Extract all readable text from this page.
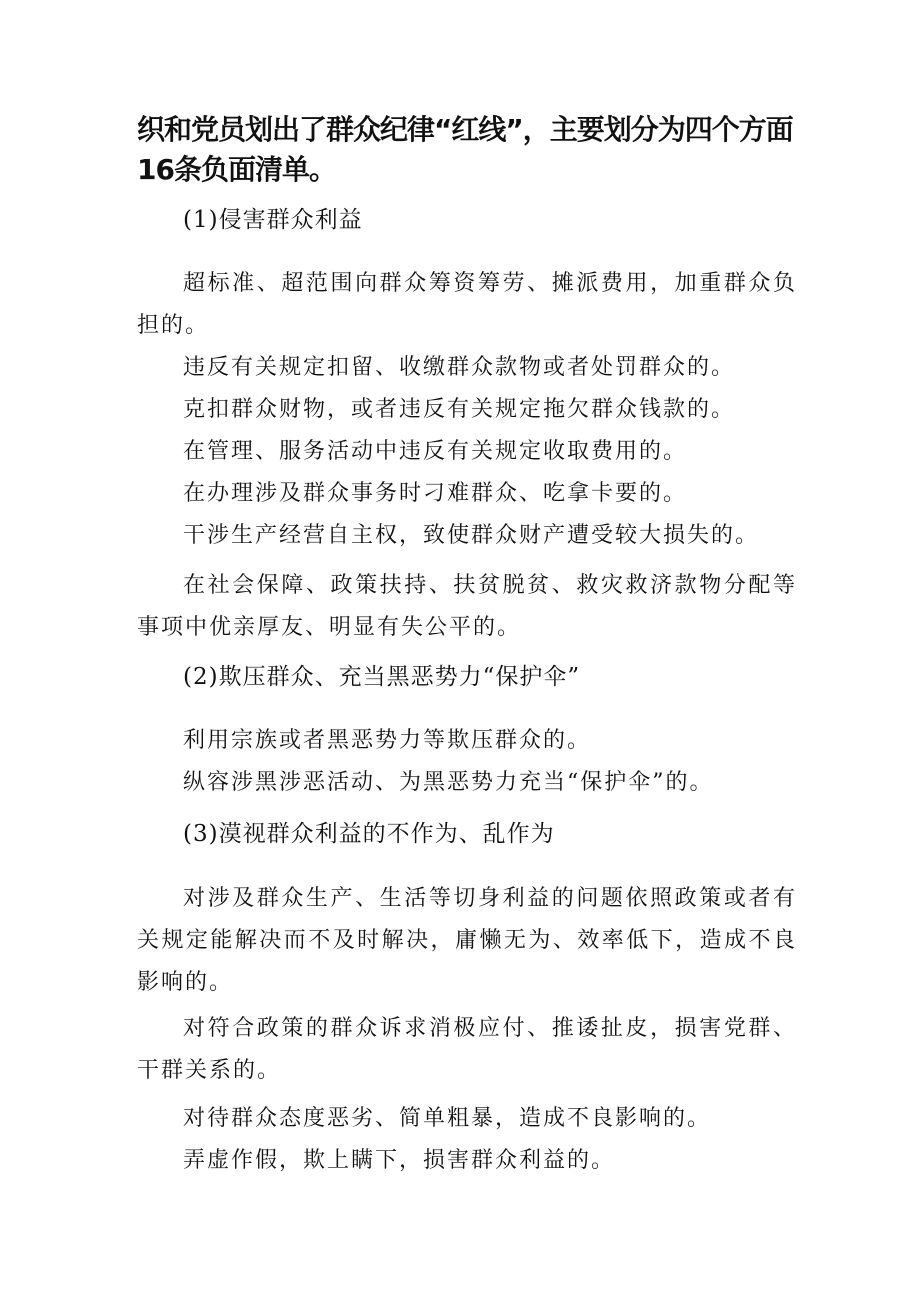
织和党员划出了群众纪律“红线”，主要划分为四个方面16条负面清单。

(1)侵害群众利益

超标准、超范围向群众筹资筹劳、摊派费用，加重群众负担的。

违反有关规定扣留、收缴群众款物或者处罚群众的。

克扣群众财物，或者违反有关规定拖欠群众钱款的。

在管理、服务活动中违反有关规定收取费用的。

在办理涉及群众事务时刁难群众、吃拿卡要的。

干涉生产经营自主权，致使群众财产遭受较大损失的。

在社会保障、政策扶持、扶贫脱贫、救灾救济款物分配等事项中优亲厚友、明显有失公平的。

(2)欺压群众、充当黑恶势力“保护伞”

利用宗族或者黑恶势力等欺压群众的。

纵容涉黑涉恶活动、为黑恶势力充当“保护伞”的。

(3)漠视群众利益的不作为、乱作为

对涉及群众生产、生活等切身利益的问题依照政策或者有关规定能解决而不及时解决，庸懒无为、效率低下，造成不良影响的。

对符合政策的群众诉求消极应付、推诿扯皮，损害党群、干群关系的。

对待群众态度恶劣、简单粗暴，造成不良影响的。

弄虚作假，欺上瞒下，损害群众利益的。
